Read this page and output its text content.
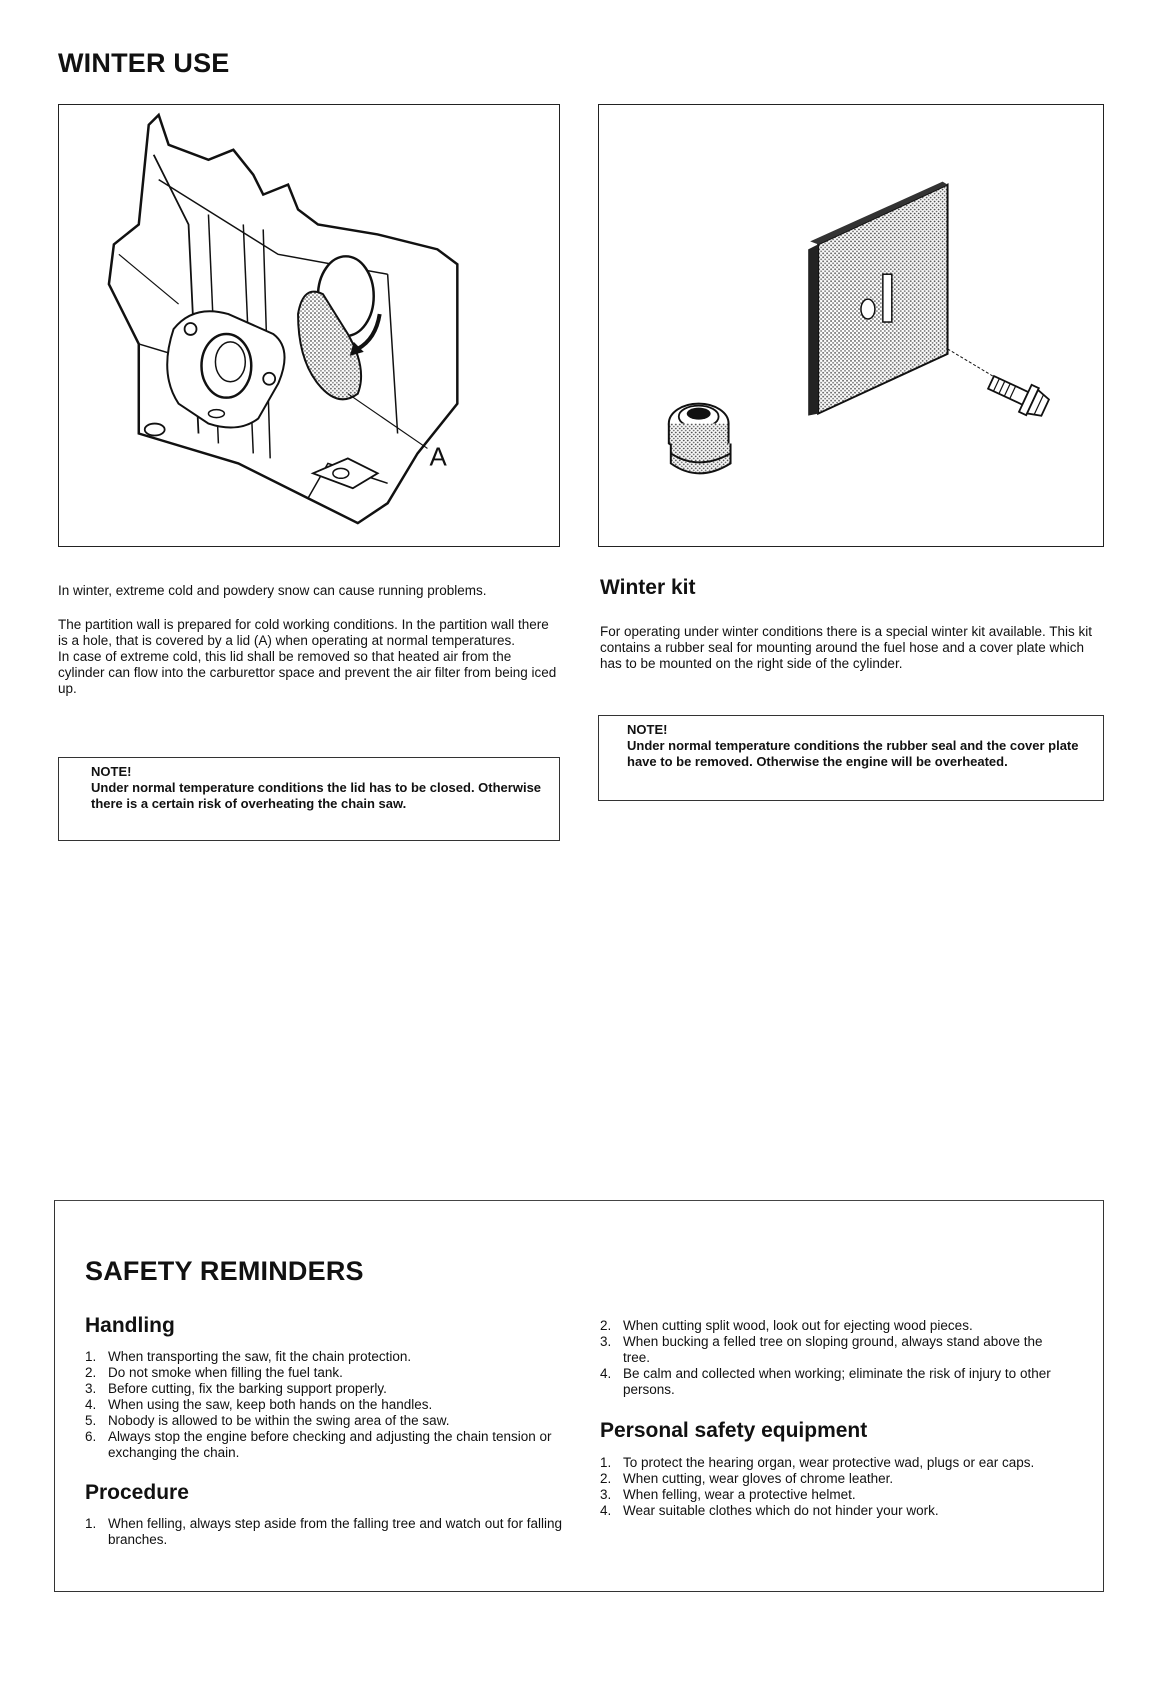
WINTER USE
A

In winter, extreme cold and powdery snow can cause running problems.

The partition wall is prepared for cold working conditions. In the partition wall there is a hole, that is covered by a lid (A) when operating at normal temperatures.

In case of extreme cold, this lid shall be removed so that heated air from the cylinder can flow into the carburettor space and prevent the air filter from being iced up.

NOTE!
Under normal temperature conditions the lid has to be closed. Otherwise there is a certain risk of overheating the chain saw.
Winter kit

For operating under winter conditions there is a special winter kit available. This kit contains a rubber seal for mounting around the fuel hose and a cover plate which has to be mounted on the right side of the cylinder.

NOTE!
Under normal temperature conditions the rubber seal and the cover plate have to be removed. Otherwise the engine will be overheated.
SAFETY REMINDERS
Handling
1. When transporting the saw, fit the chain protection.
2. Do not smoke when filling the fuel tank.
3. Before cutting, fix the barking support properly.
4. When using the saw, keep both hands on the handles.
5. Nobody is allowed to be within the swing area of the saw.
6. Always stop the engine before checking and adjusting the chain tension or exchanging the chain.
Procedure
1. When felling, always step aside from the falling tree and watch out for falling branches.
2. When cutting split wood, look out for ejecting wood pieces.
3. When bucking a felled tree on sloping ground, always stand above the tree.
4. Be calm and collected when working; eliminate the risk of injury to other persons.
Personal safety equipment
1. To protect the hearing organ, wear protective wad, plugs or ear caps.
2. When cutting, wear gloves of chrome leather.
3. When felling, wear a protective helmet.
4. Wear suitable clothes which do not hinder your work.
